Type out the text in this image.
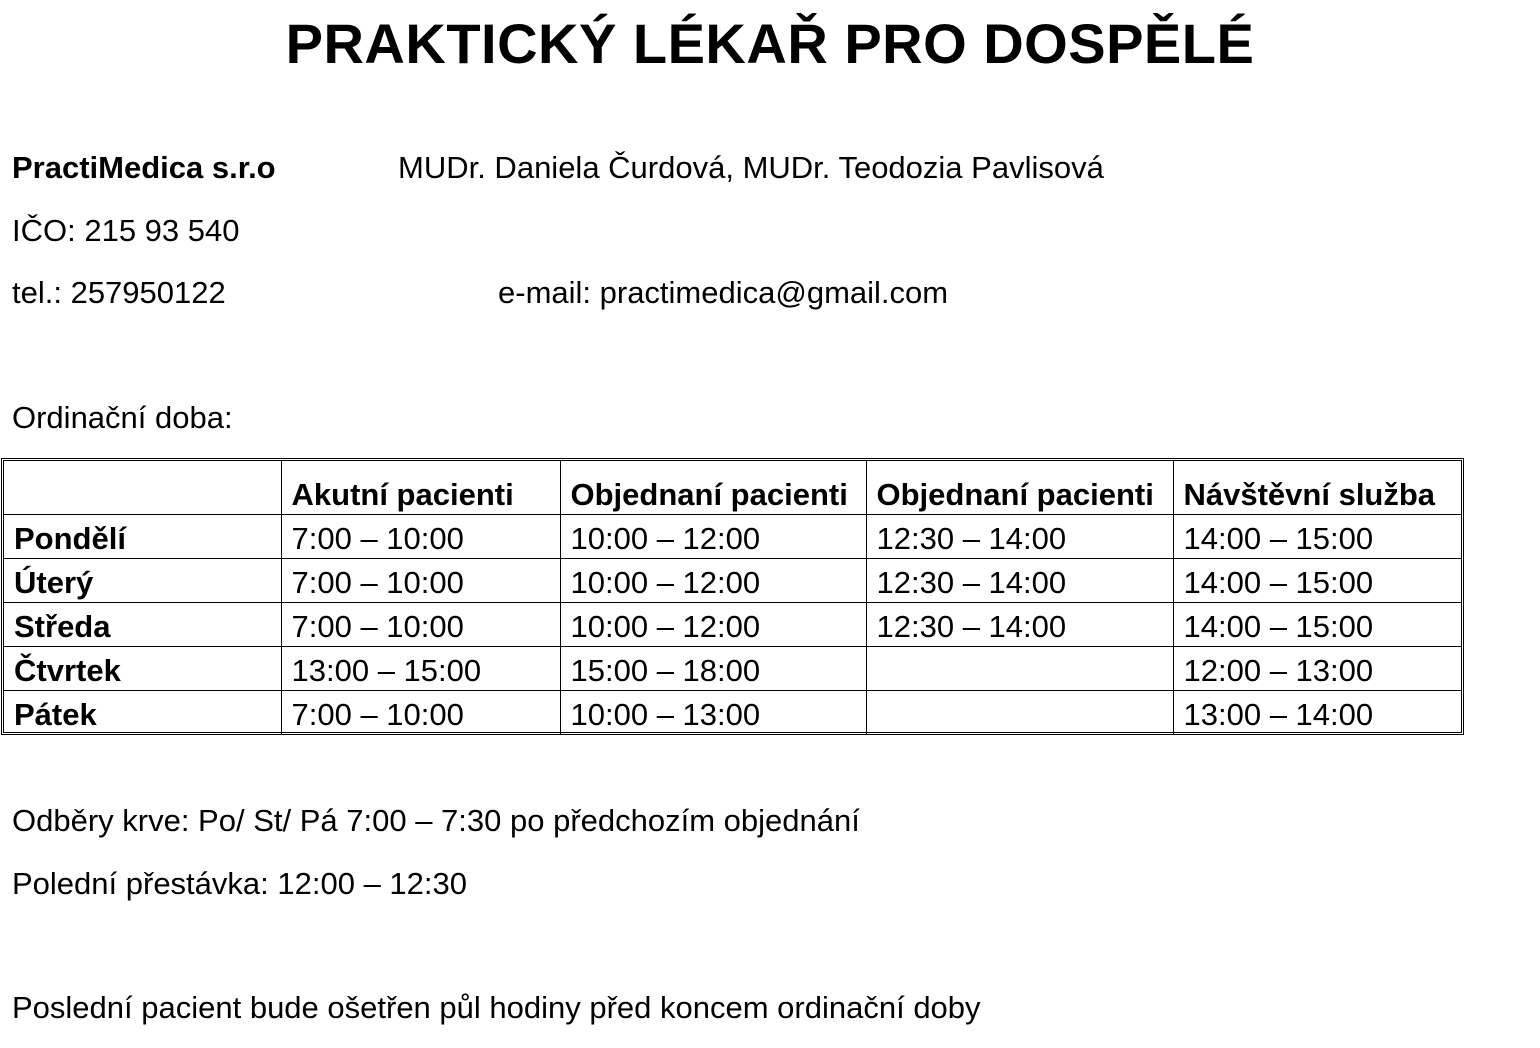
PRAKTICKÝ LÉKAŘ PRO DOSPĚLÉ
PractiMedica s.r.o	MUDr. Daniela Čurdová, MUDr. Teodozia Pavlisová
IČO: 215 93 540
tel.: 257950122	e-mail: practimedica@gmail.com
Ordinační doba:
	Akutní pacienti	Objednaní pacienti	Objednaní pacienti	Návštěvní služba
Pondělí	7:00 – 10:00	10:00 – 12:00	12:30 – 14:00	14:00 – 15:00
Úterý	7:00 – 10:00	10:00 – 12:00	12:30 – 14:00	14:00 – 15:00
Středa	7:00 – 10:00	10:00 – 12:00	12:30 – 14:00	14:00 – 15:00
Čtvrtek	13:00 – 15:00	15:00 – 18:00		12:00 – 13:00
Pátek	7:00 – 10:00	10:00 – 13:00		13:00 – 14:00
Odběry krve: Po/ St/ Pá 7:00 – 7:30 po předchozím objednání
Polední přestávka: 12:00 – 12:30
Poslední pacient bude ošetřen půl hodiny před koncem ordinační doby
